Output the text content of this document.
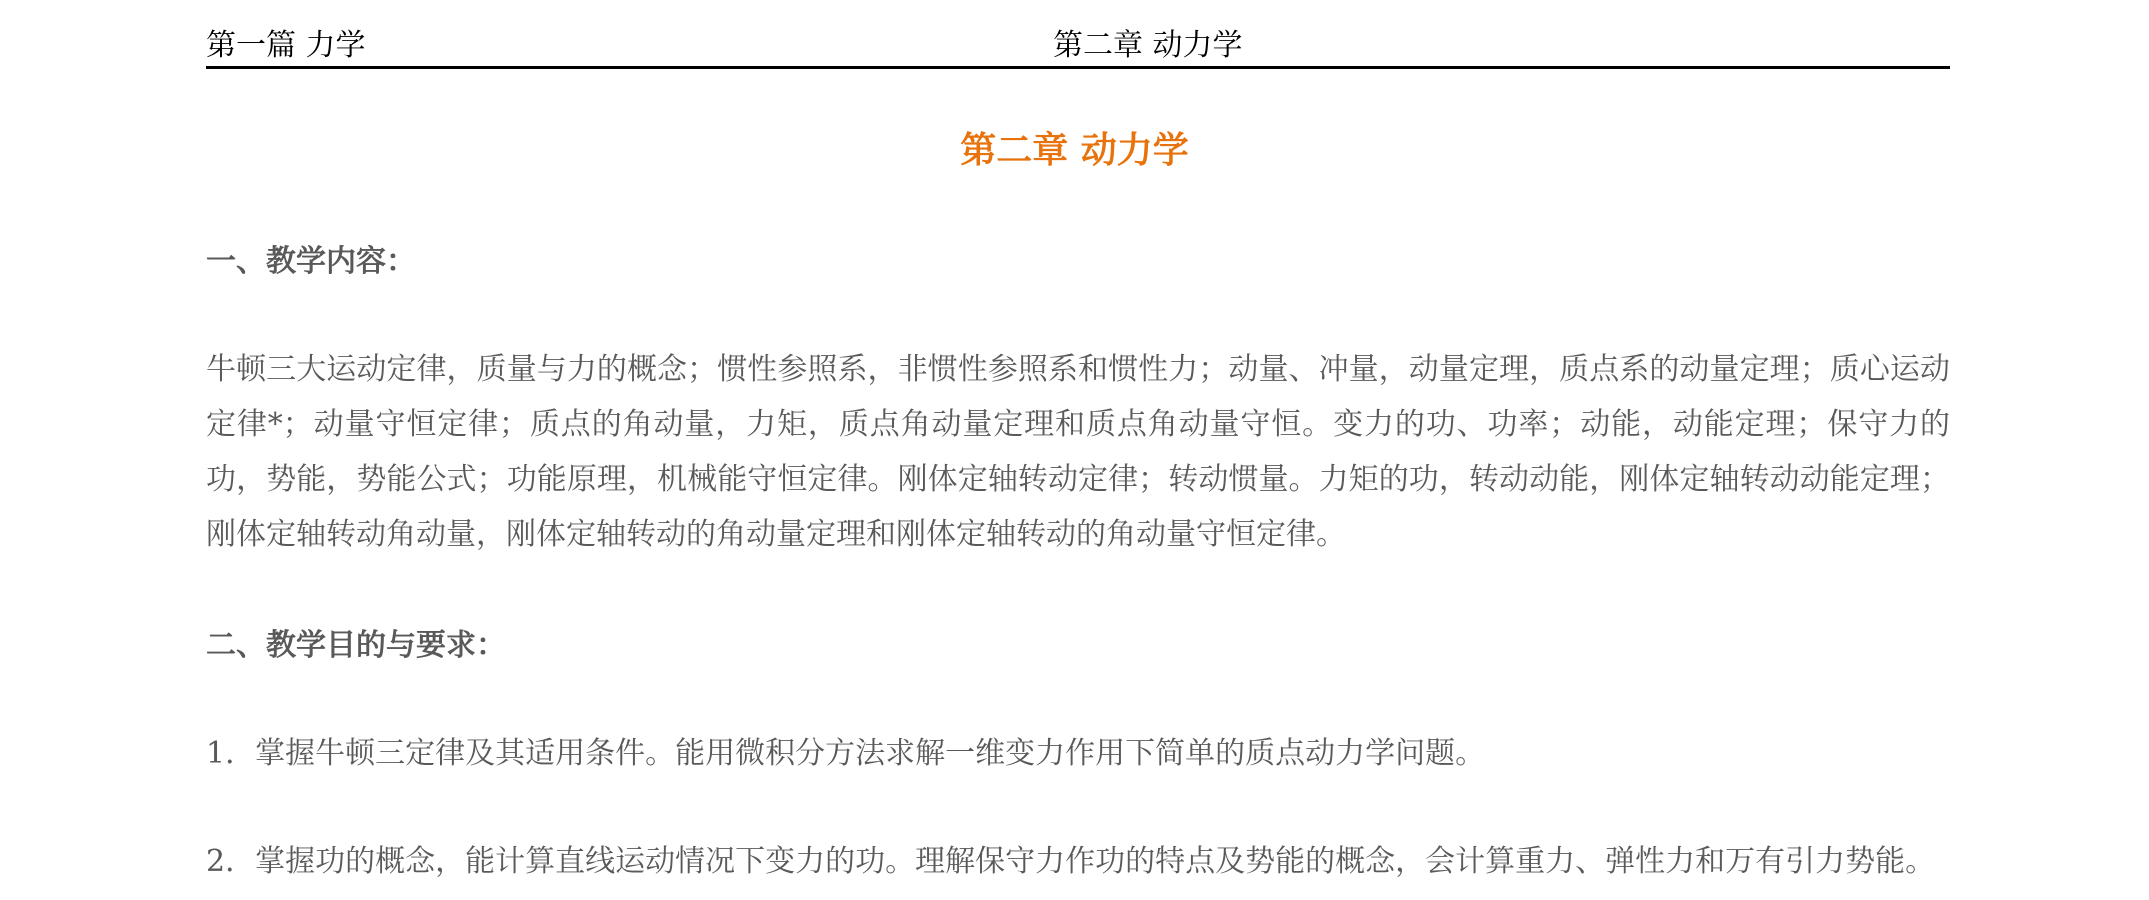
第一篇 力学	第二章 动力学
第二章 动力学
一、教学内容：
牛顿三大运动定律，质量与力的概念；惯性参照系，非惯性参照系和惯性力；动量、冲量，动量定理，质点系的动量定理；质心运动定律*；动量守恒定律；质点的角动量，力矩，质点角动量定理和质点角动量守恒。变力的功、功率；动能，动能定理；保守力的功，势能，势能公式；功能原理，机械能守恒定律。刚体定轴转动定律；转动惯量。力矩的功，转动动能，刚体定轴转动动能定理；刚体定轴转动角动量，刚体定轴转动的角动量定理和刚体定轴转动的角动量守恒定律。
二、教学目的与要求：
1．掌握牛顿三定律及其适用条件。能用微积分方法求解一维变力作用下简单的质点动力学问题。
2．掌握功的概念，能计算直线运动情况下变力的功。理解保守力作功的特点及势能的概念，会计算重力、弹性力和万有引力势能。
